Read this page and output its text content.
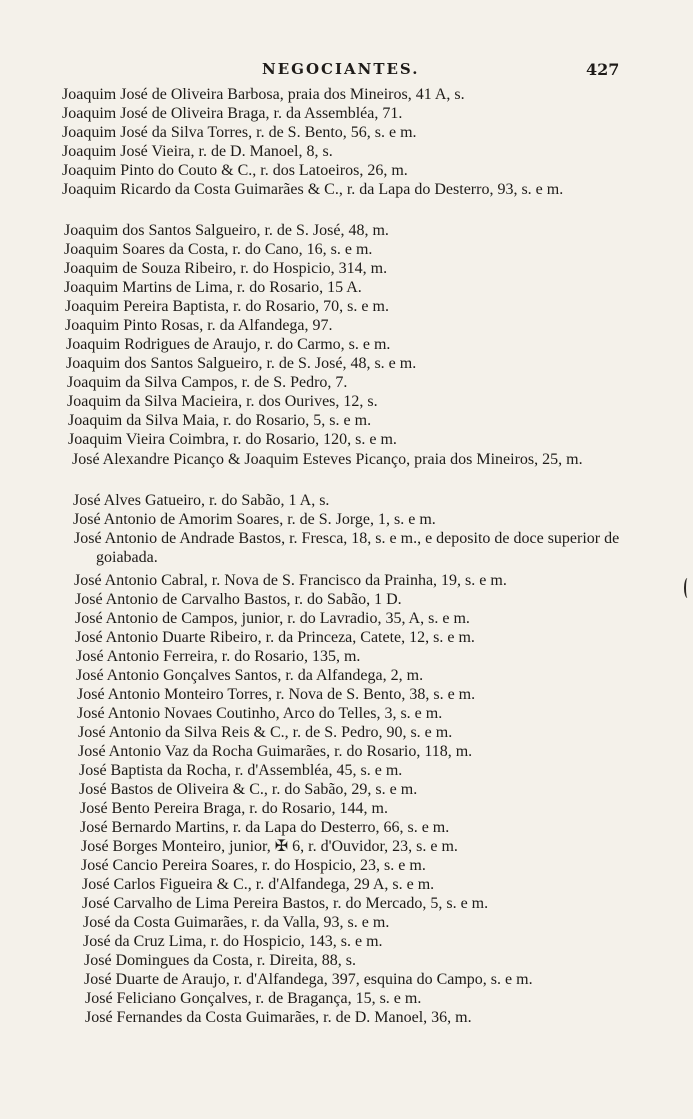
NEGOCIANTES.	427
Joaquim José de Oliveira Barbosa, praia dos Mineiros, 41 A, s.
Joaquim José de Oliveira Braga, r. da Assembléa, 71.
Joaquim José da Silva Torres, r. de S. Bento, 56, s. e m.
Joaquim José Vieira, r. de D. Manoel, 8, s.
Joaquim Pinto do Couto & C., r. dos Latoeiros, 26, m.
Joaquim Ricardo da Costa Guimarães & C., r. da Lapa do Desterro, 93, s. e m.
Joaquim dos Santos Salgueiro, r. de S. José, 48, m.
Joaquim Soares da Costa, r. do Cano, 16, s. e m.
Joaquim de Souza Ribeiro, r. do Hospicio, 314, m.
Joaquim Martins de Lima, r. do Rosario, 15 A.
Joaquim Pereira Baptista, r. do Rosario, 70, s. e m.
Joaquim Pinto Rosas, r. da Alfandega, 97.
Joaquim Rodrigues de Araujo, r. do Carmo, s. e m.
Joaquim dos Santos Salgueiro, r. de S. José, 48, s. e m.
Joaquim da Silva Campos, r. de S. Pedro, 7.
Joaquim da Silva Macieira, r. dos Ourives, 12, s.
Joaquim da Silva Maia, r. do Rosario, 5, s. e m.
Joaquim Vieira Coimbra, r. do Rosario, 120, s. e m.
José Alexandre Picanço & Joaquim Esteves Picanço, praia dos Mineiros, 25, m.
José Alves Gatueiro, r. do Sabão, 1 A, s.
José Antonio de Amorim Soares, r. de S. Jorge, 1, s. e m.
José Antonio de Andrade Bastos, r. Fresca, 18, s. e m., e deposito de doce superior de goiabada.
José Antonio Cabral, r. Nova de S. Francisco da Prainha, 19, s. e m.
José Antonio de Carvalho Bastos, r. do Sabão, 1 D.
José Antonio de Campos, junior, r. do Lavradio, 35, A, s. e m.
José Antonio Duarte Ribeiro, r. da Princeza, Catete, 12, s. e m.
José Antonio Ferreira, r. do Rosario, 135, m.
José Antonio Gonçalves Santos, r. da Alfandega, 2, m.
José Antonio Monteiro Torres, r. Nova de S. Bento, 38, s. e m.
José Antonio Novaes Coutinho, Arco do Telles, 3, s. e m.
José Antonio da Silva Reis & C., r. de S. Pedro, 90, s. e m.
José Antonio Vaz da Rocha Guimarães, r. do Rosario, 118, m.
José Baptista da Rocha, r. d'Assembléa, 45, s. e m.
José Bastos de Oliveira & C., r. do Sabão, 29, s. e m.
José Bento Pereira Braga, r. do Rosario, 144, m.
José Bernardo Martins, r. da Lapa do Desterro, 66, s. e m.
José Borges Monteiro, junior, ✠ 6, r. d'Ouvidor, 23, s. e m.
José Cancio Pereira Soares, r. do Hospicio, 23, s. e m.
José Carlos Figueira & C., r. d'Alfandega, 29 A, s. e m.
José Carvalho de Lima Pereira Bastos, r. do Mercado, 5, s. e m.
José da Costa Guimarães, r. da Valla, 93, s. e m.
José da Cruz Lima, r. do Hospicio, 143, s. e m.
José Domingues da Costa, r. Direita, 88, s.
José Duarte de Araujo, r. d'Alfandega, 397, esquina do Campo, s. e m.
José Feliciano Gonçalves, r. de Bragança, 15, s. e m.
José Fernandes da Costa Guimarães, r. de D. Manoel, 36, m.
